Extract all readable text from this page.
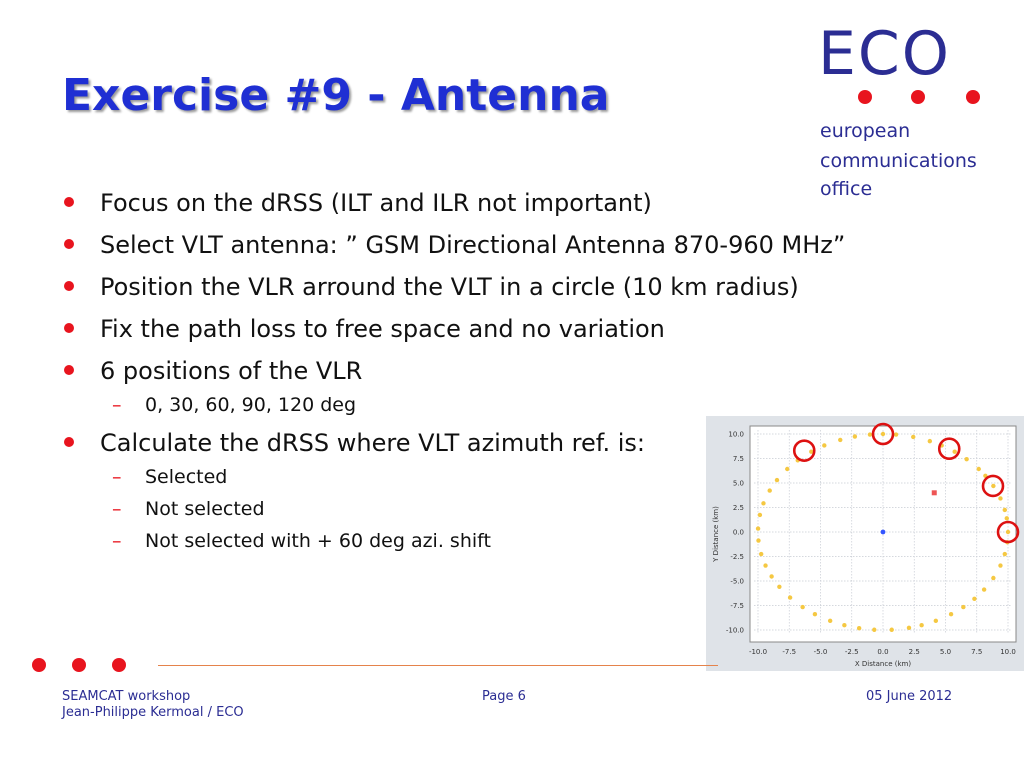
Exercise #9 - Antenna
ECO
european
communications
office
Focus on the dRSS (ILT and ILR not important)
Select VLT antenna: ” GSM Directional Antenna 870-960 MHz”
Position the VLR arround the VLT in a circle (10 km radius)
Fix the path loss to free space and no variation
6 positions of the VLR
– 0, 30, 60, 90, 120 deg
Calculate the dRSS where VLT azimuth ref. is:
– Selected
– Not selected
– Not selected with + 60 deg azi. shift
-10.0 -7.5	-5.0	-2.5	0.0	2.5	5.0	7.5	10.0
10.0
7.5
5.0
2.5
0.0
-2.5
-5.0
-7.5
-10.0
X Distance (km)
Y Distance (km)
SEAMCAT workshop
Jean-Philippe Kermoal / ECO
Page 6	05 June 2012
